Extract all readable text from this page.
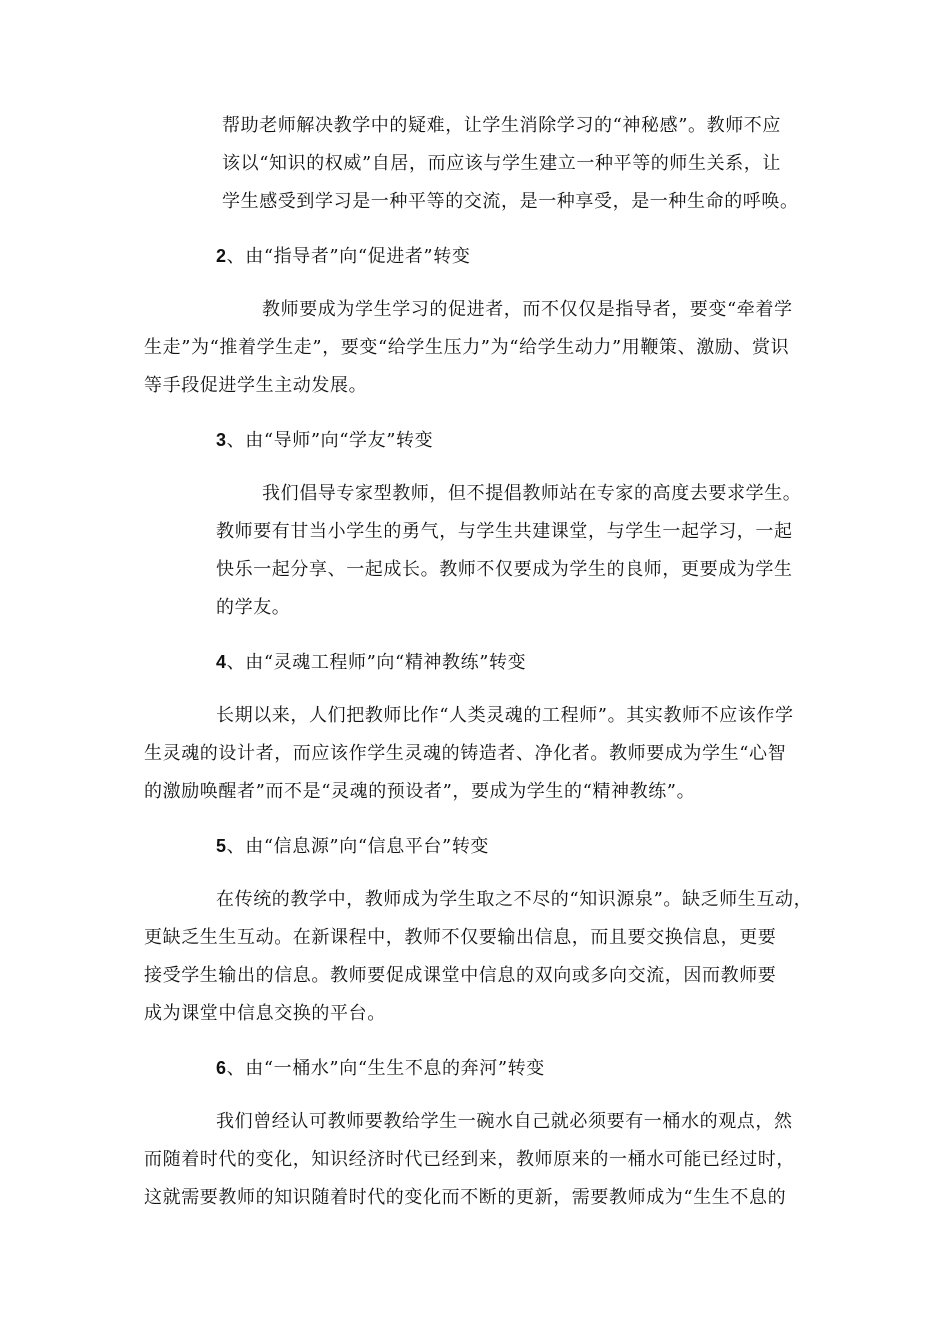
帮助老师解决教学中的疑难，让学生消除学习的“神秘感”。教师不应
该以“知识的权威”自居，而应该与学生建立一种平等的师生关系，让
学生感受到学习是一种平等的交流，是一种享受，是一种生命的呼唤。
2、由“指导者”向“促进者”转变
教师要成为学生学习的促进者，而不仅仅是指导者，要变“牵着学
生走”为“推着学生走”，要变“给学生压力”为“给学生动力”用鞭策、激励、赏识
等手段促进学生主动发展。
3、由“导师”向“学友”转变
我们倡导专家型教师，但不提倡教师站在专家的高度去要求学生。
教师要有甘当小学生的勇气，与学生共建课堂，与学生一起学习，一起
快乐一起分享、一起成长。教师不仅要成为学生的良师，更要成为学生
的学友。
4、由“灵魂工程师”向“精神教练”转变
长期以来，人们把教师比作“人类灵魂的工程师”。其实教师不应该作学
生灵魂的设计者，而应该作学生灵魂的铸造者、净化者。教师要成为学生“心智
的激励唤醒者”而不是“灵魂的预设者”，要成为学生的“精神教练”。
5、由“信息源”向“信息平台”转变
在传统的教学中，教师成为学生取之不尽的“知识源泉”。缺乏师生互动，
更缺乏生生互动。在新课程中，教师不仅要输出信息，而且要交换信息，更要
接受学生输出的信息。教师要促成课堂中信息的双向或多向交流，因而教师要
成为课堂中信息交换的平台。
6、由“一桶水”向“生生不息的奔河”转变
我们曾经认可教师要教给学生一碗水自己就必须要有一桶水的观点，然
而随着时代的变化，知识经济时代已经到来，教师原来的一桶水可能已经过时，
这就需要教师的知识随着时代的变化而不断的更新，需要教师成为“生生不息的
